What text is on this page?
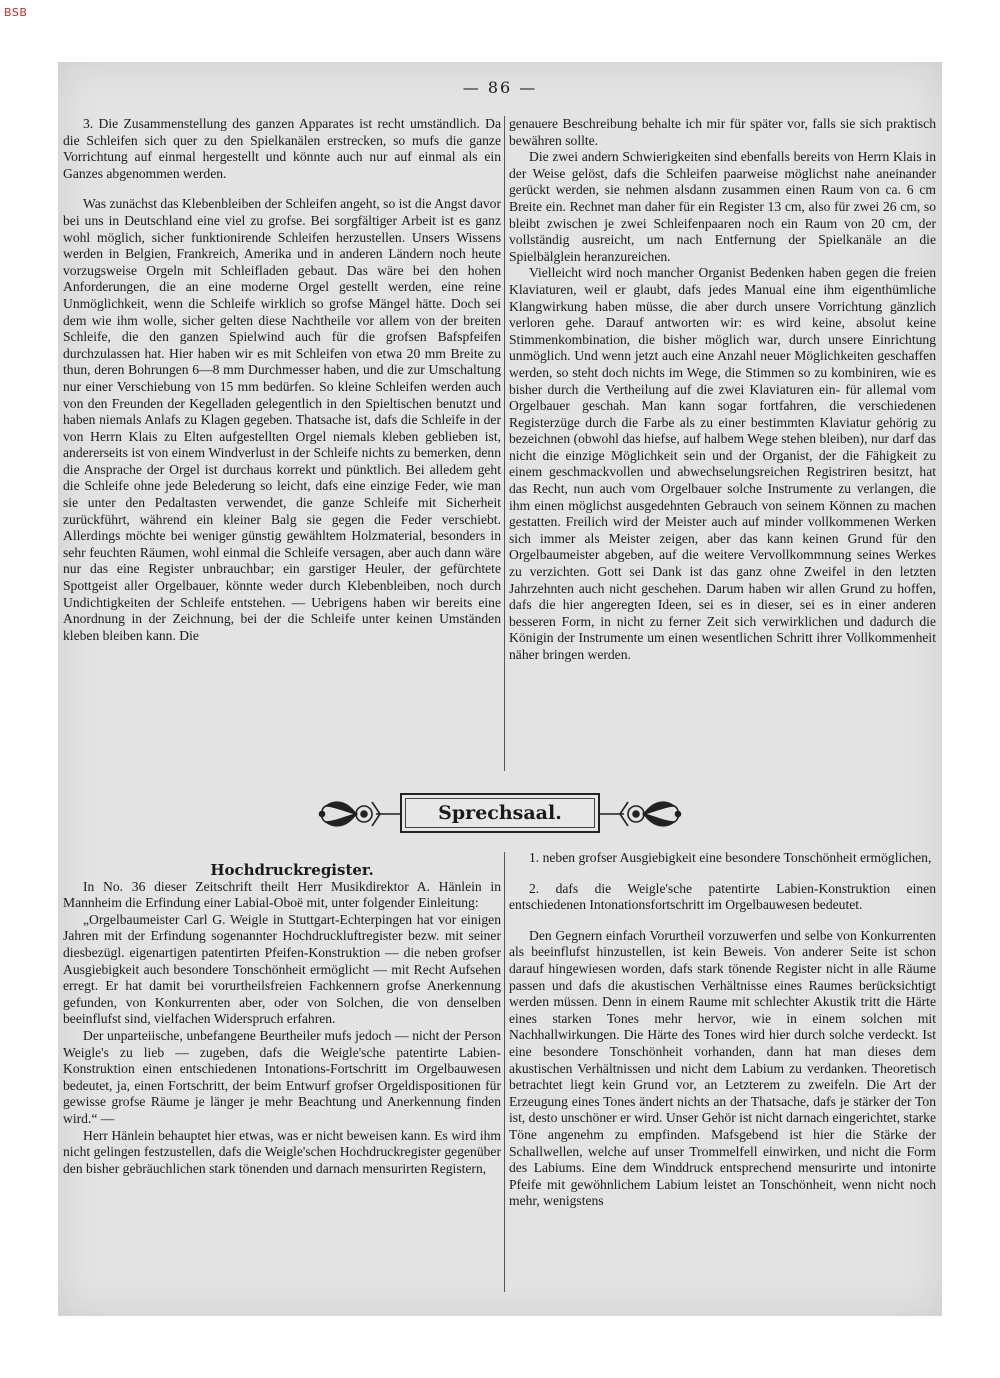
BSB
— 86 —

3. Die Zusammenstellung des ganzen Apparates ist recht umständlich. Da die Schleifen sich quer zu den Spielkanälen erstrecken, so mufs die ganze Vorrichtung auf einmal hergestellt und könnte auch nur auf einmal als ein Ganzes abgenommen werden.

Was zunächst das Klebenbleiben der Schleifen angeht, so ist die Angst davor bei uns in Deutschland eine viel zu grofse. Bei sorgfältiger Arbeit ist es ganz wohl möglich, sicher funktionirende Schleifen herzustellen. Unsers Wissens werden in Belgien, Frankreich, Amerika und in anderen Ländern noch heute vorzugsweise Orgeln mit Schleifladen gebaut. Das wäre bei den hohen Anforderungen, die an eine moderne Orgel gestellt werden, eine reine Unmöglichkeit, wenn die Schleife wirklich so grofse Mängel hätte. Doch sei dem wie ihm wolle, sicher gelten diese Nachtheile vor allem von der breiten Schleife, die den ganzen Spielwind auch für die grofsen Bafspfeifen durchzulassen hat. Hier haben wir es mit Schleifen von etwa 20 mm Breite zu thun, deren Bohrungen 6—8 mm Durchmesser haben, und die zur Umschaltung nur einer Verschiebung von 15 mm bedürfen. So kleine Schleifen werden auch von den Freunden der Kegelladen gelegentlich in den Spieltischen benutzt und haben niemals Anlafs zu Klagen gegeben. Thatsache ist, dafs die Schleife in der von Herrn Klais zu Elten aufgestellten Orgel niemals kleben geblieben ist, andererseits ist von einem Windverlust in der Schleife nichts zu bemerken, denn die Ansprache der Orgel ist durchaus korrekt und pünktlich. Bei alledem geht die Schleife ohne jede Belederung so leicht, dafs eine einzige Feder, wie man sie unter den Pedaltasten verwendet, die ganze Schleife mit Sicherheit zurückführt, während ein kleiner Balg sie gegen die Feder verschiebt. Allerdings möchte bei weniger günstig gewähltem Holzmaterial, besonders in sehr feuchten Räumen, wohl einmal die Schleife versagen, aber auch dann wäre nur das eine Register unbrauchbar; ein garstiger Heuler, der gefürchtete Spottgeist aller Orgelbauer, könnte weder durch Klebenbleiben, noch durch Undichtigkeiten der Schleife entstehen. — Uebrigens haben wir bereits eine Anordnung in der Zeichnung, bei der die Schleife unter keinen Umständen kleben bleiben kann. Die

genauere Beschreibung behalte ich mir für später vor, falls sie sich praktisch bewähren sollte.

Die zwei andern Schwierigkeiten sind ebenfalls bereits von Herrn Klais in der Weise gelöst, dafs die Schleifen paarweise möglichst nahe aneinander gerückt werden, sie nehmen alsdann zusammen einen Raum von ca. 6 cm Breite ein. Rechnet man daher für ein Register 13 cm, also für zwei 26 cm, so bleibt zwischen je zwei Schleifenpaaren noch ein Raum von 20 cm, der vollständig ausreicht, um nach Entfernung der Spielkanäle an die Spielbälglein heranzureichen.

Vielleicht wird noch mancher Organist Bedenken haben gegen die freien Klaviaturen, weil er glaubt, dafs jedes Manual eine ihm eigenthümliche Klangwirkung haben müsse, die aber durch unsere Vorrichtung gänzlich verloren gehe. Darauf antworten wir: es wird keine, absolut keine Stimmenkombination, die bisher möglich war, durch unsere Einrichtung unmöglich. Und wenn jetzt auch eine Anzahl neuer Möglichkeiten geschaffen werden, so steht doch nichts im Wege, die Stimmen so zu kombiniren, wie es bisher durch die Vertheilung auf die zwei Klaviaturen ein- für allemal vom Orgelbauer geschah. Man kann sogar fortfahren, die verschiedenen Registerzüge durch die Farbe als zu einer bestimmten Klaviatur gehörig zu bezeichnen (obwohl das hiefse, auf halbem Wege stehen bleiben), nur darf das nicht die einzige Möglichkeit sein und der Organist, der die Fähigkeit zu einem geschmackvollen und abwechselungsreichen Registriren besitzt, hat das Recht, nun auch vom Orgelbauer solche Instrumente zu verlangen, die ihm einen möglichst ausgedehnten Gebrauch von seinem Können zu machen gestatten. Freilich wird der Meister auch auf minder vollkommenen Werken sich immer als Meister zeigen, aber das kann keinen Grund für den Orgelbaumeister abgeben, auf die weitere Vervollkommnung seines Werkes zu verzichten. Gott sei Dank ist das ganz ohne Zweifel in den letzten Jahrzehnten auch nicht geschehen. Darum haben wir allen Grund zu hoffen, dafs die hier angeregten Ideen, sei es in dieser, sei es in einer anderen besseren Form, in nicht zu ferner Zeit sich verwirklichen und dadurch die Königin der Instrumente um einen wesentlichen Schritt ihrer Vollkommenheit näher bringen werden.

Sprechsaal.

Hochdruckregister.

In No. 36 dieser Zeitschrift theilt Herr Musikdirektor A. Hänlein in Mannheim die Erfindung einer Labial-Oboë mit, unter folgender Einleitung:

„Orgelbaumeister Carl G. Weigle in Stuttgart-Echterpingen hat vor einigen Jahren mit der Erfindung sogenannter Hochdruckluftregister bezw. mit seiner diesbezügl. eigenartigen patentirten Pfeifen-Konstruktion — die neben grofser Ausgiebigkeit auch besondere Tonschönheit ermöglicht — mit Recht Aufsehen erregt. Er hat damit bei vorurtheilsfreien Fachkennern grofse Anerkennung gefunden, von Konkurrenten aber, oder von Solchen, die von denselben beeinflufst sind, vielfachen Widerspruch erfahren.

Der unparteiische, unbefangene Beurtheiler mufs jedoch — nicht der Person Weigle's zu lieb — zugeben, dafs die Weigle'sche patentirte Labien-Konstruktion einen entschiedenen Intonations-Fortschritt im Orgelbauwesen bedeutet, ja, einen Fortschritt, der beim Entwurf grofser Orgeldispositionen für gewisse grofse Räume je länger je mehr Beachtung und Anerkennung finden wird.“ —

Herr Hänlein behauptet hier etwas, was er nicht beweisen kann. Es wird ihm nicht gelingen festzustellen, dafs die Weigle'schen Hochdruckregister gegenüber den bisher gebräuchlichen stark tönenden und darnach mensurirten Registern,

1. neben grofser Ausgiebigkeit eine besondere Tonschönheit ermöglichen,

2. dafs die Weigle'sche patentirte Labien-Konstruktion einen entschiedenen Intonationsfortschritt im Orgelbauwesen bedeutet.

Den Gegnern einfach Vorurtheil vorzuwerfen und selbe von Konkurrenten als beeinflufst hinzustellen, ist kein Beweis. Von anderer Seite ist schon darauf hingewiesen worden, dafs stark tönende Register nicht in alle Räume passen und dafs die akustischen Verhältnisse eines Raumes berücksichtigt werden müssen. Denn in einem Raume mit schlechter Akustik tritt die Härte eines starken Tones mehr hervor, wie in einem solchen mit Nachhallwirkungen. Die Härte des Tones wird hier durch solche verdeckt. Ist eine besondere Tonschönheit vorhanden, dann hat man dieses dem akustischen Verhältnissen und nicht dem Labium zu verdanken. Theoretisch betrachtet liegt kein Grund vor, an Letzterem zu zweifeln. Die Art der Erzeugung eines Tones ändert nichts an der Thatsache, dafs je stärker der Ton ist, desto unschöner er wird. Unser Gehör ist nicht darnach eingerichtet, starke Töne angenehm zu empfinden. Mafsgebend ist hier die Stärke der Schallwellen, welche auf unser Trommelfell einwirken, und nicht die Form des Labiums. Eine dem Winddruck entsprechend mensurirte und intonirte Pfeife mit gewöhnlichem Labium leistet an Tonschönheit, wenn nicht noch mehr, wenigstens
